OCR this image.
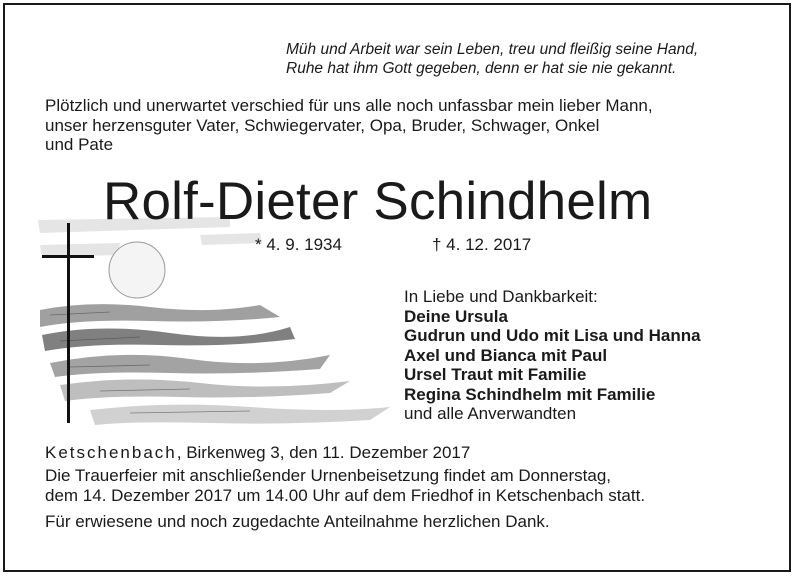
Müh und Arbeit war sein Leben, treu und fleißig seine Hand,
Ruhe hat ihm Gott gegeben, denn er hat sie nie gekannt.
Plötzlich und unerwartet verschied für uns alle noch unfassbar mein lieber Mann,
unser herzensguter Vater, Schwiegervater, Opa, Bruder, Schwager, Onkel
und Pate
Rolf-Dieter Schindhelm
* 4. 9. 1934	† 4. 12. 2017
In Liebe und Dankbarkeit:
Deine Ursula
Gudrun und Udo mit Lisa und Hanna
Axel und Bianca mit Paul
Ursel Traut mit Familie
Regina Schindhelm mit Familie
und alle Anverwandten
Ketschenbach, Birkenweg 3, den 11. Dezember 2017
Die Trauerfeier mit anschließender Urnenbeisetzung findet am Donnerstag,
dem 14. Dezember 2017 um 14.00 Uhr auf dem Friedhof in Ketschenbach statt.
Für erwiesene und noch zugedachte Anteilnahme herzlichen Dank.
